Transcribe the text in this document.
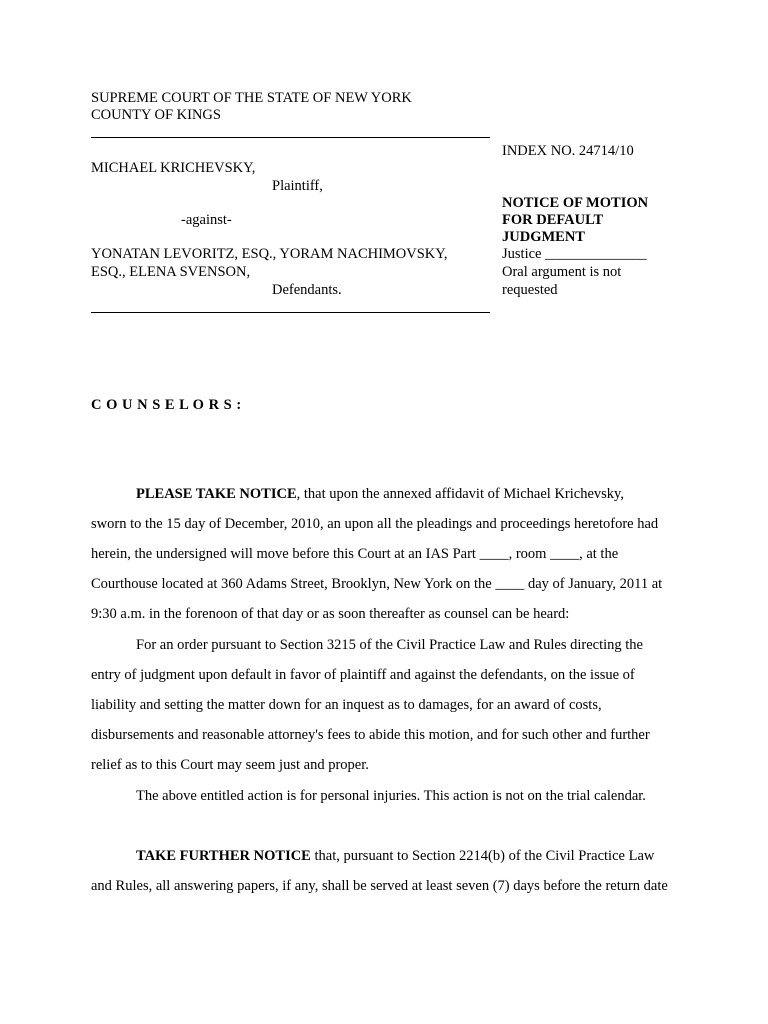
SUPREME COURT OF THE STATE OF NEW YORK
COUNTY OF KINGS
MICHAEL KRICHEVSKY,
Plaintiff,
-against-
YONATAN LEVORITZ, ESQ., YORAM NACHIMOVSKY,
ESQ., ELENA SVENSON,
Defendants.
INDEX NO. 24714/10
NOTICE OF MOTION
FOR DEFAULT
JUDGMENT
Justice ______________
Oral argument is not
requested
C O U N S E L O R S :
PLEASE TAKE NOTICE, that upon the annexed affidavit of Michael Krichevsky,
sworn to the 15 day of December, 2010, an upon all the pleadings and proceedings heretofore had
herein, the undersigned will move before this Court at an IAS Part ____, room ____, at the
Courthouse located at 360 Adams Street, Brooklyn, New York on the ____ day of January, 2011 at
9:30 a.m. in the forenoon of that day or as soon thereafter as counsel can be heard:
For an order pursuant to Section 3215 of the Civil Practice Law and Rules directing the
entry of judgment upon default in favor of plaintiff and against the defendants, on the issue of
liability and setting the matter down for an inquest as to damages, for an award of costs,
disbursements and reasonable attorney's fees to abide this motion, and for such other and further
relief as to this Court may seem just and proper.
The above entitled action is for personal injuries. This action is not on the trial calendar.
TAKE FURTHER NOTICE that, pursuant to Section 2214(b) of the Civil Practice Law
and Rules, all answering papers, if any, shall be served at least seven (7) days before the return date
